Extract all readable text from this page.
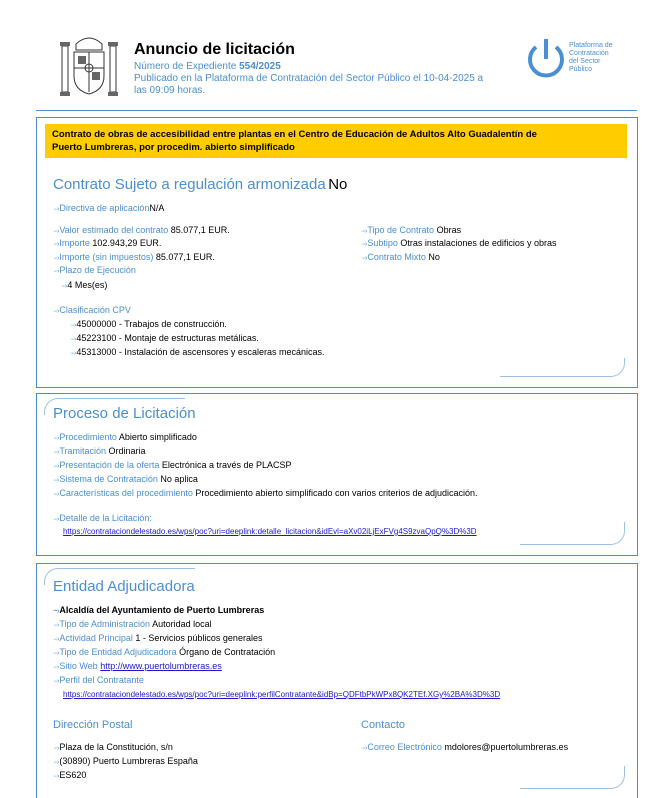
Anuncio de licitación
Número de Expediente 554/2025
Publicado en la Plataforma de Contratación del Sector Público el 10-04-2025 a
las 09:09 horas.
Plataforma de
Contratación
del Sector
Público
Contrato de obras de accesibilidad entre plantas en el Centro de Educación de Adultos Alto Guadalentín de
Puerto Lumbreras, por procedim. abierto simplificado
Contrato Sujeto a regulación armonizada No
···›Directiva de aplicaciónN/A
···›Valor estimado del contrato 85.077,1 EUR.
···›Importe 102.943,29 EUR.
···›Importe (sin impuestos) 85.077,1 EUR.
···›Plazo de Ejecución
···›4 Mes(es)
···›Tipo de Contrato Obras
···›Subtipo Otras instalaciones de edificios y obras
···›Contrato Mixto No
···›Clasificación CPV
···›45000000 - Trabajos de construcción.
···›45223100 - Montaje de estructuras metálicas.
···›45313000 - Instalación de ascensores y escaleras mecánicas.
Proceso de Licitación
···›Procedimiento Abierto simplificado
···›Tramitación Ordinaria
···›Presentación de la oferta Electrónica a través de PLACSP
···›Sistema de Contratación No aplica
···›Características del procedimiento Procedimiento abierto simplificado con varios criterios de adjudicación.
···›Detalle de la Licitación:
https://contrataciondelestado.es/wps/poc?uri=deeplink:detalle_licitacion&idEvl=aXv02iLjExFVg4S9zvaQpQ%3D%3D
Entidad Adjudicadora
···›Alcaldía del Ayuntamiento de Puerto Lumbreras
···›Tipo de Administración Autoridad local
···›Actividad Principal 1 - Servicios públicos generales
···›Tipo de Entidad Adjudicadora Órgano de Contratación
···›Sitio Web http://www.puertolumbreras.es
···›Perfil del Contratante
https://contrataciondelestado.es/wps/poc?uri=deeplink:perfilContratante&idBp=QDFtbPkWPx8QK2TEf.XGy%2BA%3D%3D
Dirección Postal
···›Plaza de la Constitución, s/n
···›(30890) Puerto Lumbreras España
···›ES620
Contacto
···›Correo Electrónico mdolores@puertolumbreras.es
